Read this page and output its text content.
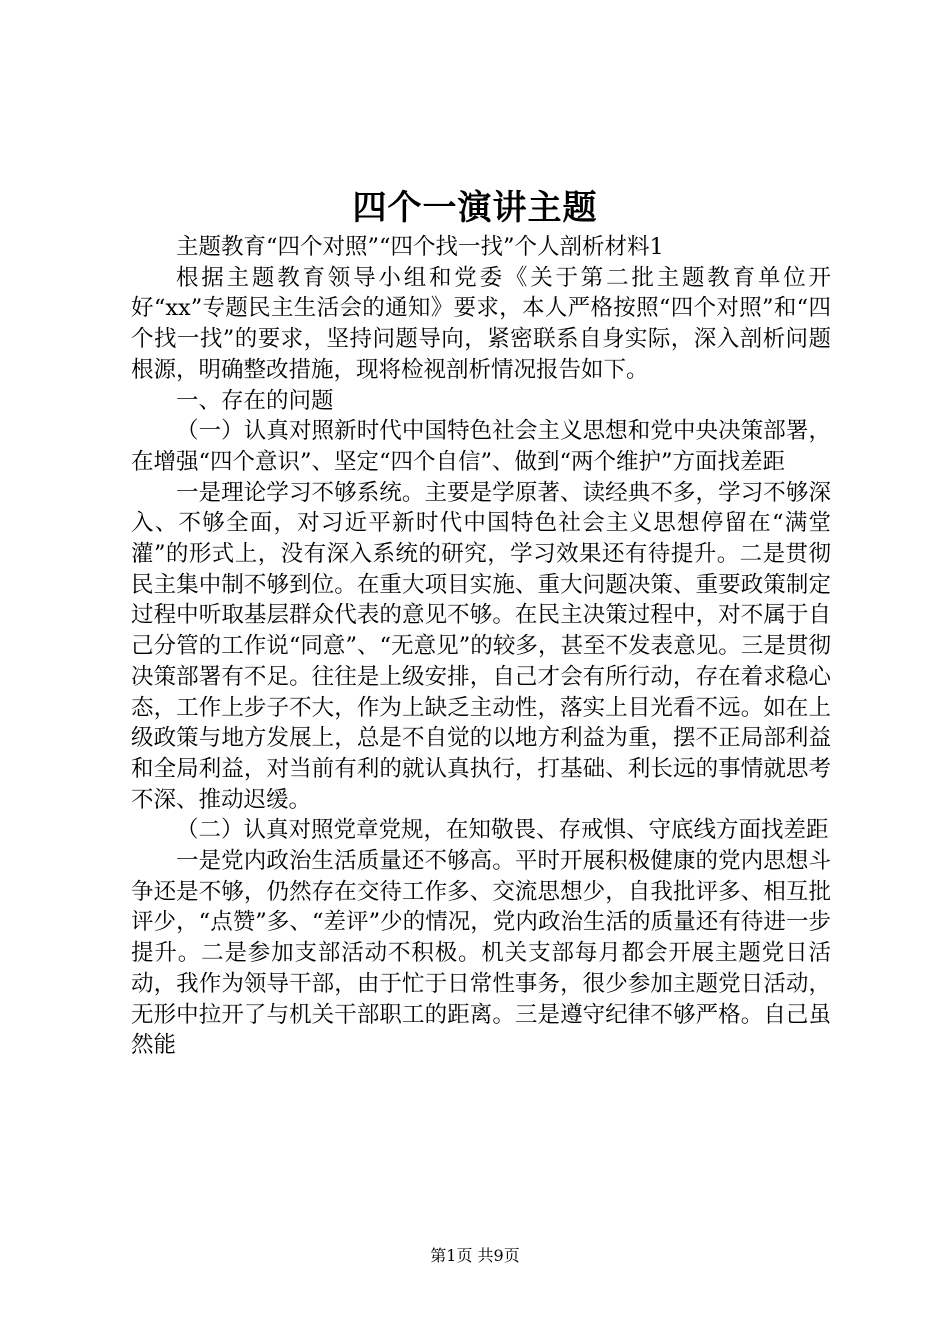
四个一演讲主题

主题教育“四个对照”“四个找一找”个人剖析材料1

根据主题教育领导小组和党委《关于第二批主题教育单位开好“xx”专题民主生活会的通知》要求，本人严格按照“四个对照”和“四个找一找”的要求，坚持问题导向，紧密联系自身实际，深入剖析问题根源，明确整改措施，现将检视剖析情况报告如下。

一、存在的问题

（一）认真对照新时代中国特色社会主义思想和党中央决策部署，在增强“四个意识”、坚定“四个自信”、做到“两个维护”方面找差距

一是理论学习不够系统。主要是学原著、读经典不多，学习不够深入、不够全面，对习近平新时代中国特色社会主义思想停留在“满堂灌”的形式上，没有深入系统的研究，学习效果还有待提升。二是贯彻民主集中制不够到位。在重大项目实施、重大问题决策、重要政策制定过程中听取基层群众代表的意见不够。在民主决策过程中，对不属于自己分管的工作说“同意”、“无意见”的较多，甚至不发表意见。三是贯彻决策部署有不足。往往是上级安排，自己才会有所行动，存在着求稳心态，工作上步子不大，作为上缺乏主动性，落实上目光看不远。如在上级政策与地方发展上，总是不自觉的以地方利益为重，摆不正局部利益和全局利益，对当前有利的就认真执行，打基础、利长远的事情就思考不深、推动迟缓。

（二）认真对照党章党规，在知敬畏、存戒惧、守底线方面找差距

一是党内政治生活质量还不够高。平时开展积极健康的党内思想斗争还是不够，仍然存在交待工作多、交流思想少，自我批评多、相互批评少，“点赞”多、“差评”少的情况，党内政治生活的质量还有待进一步提升。二是参加支部活动不积极。机关支部每月都会开展主题党日活动，我作为领导干部，由于忙于日常性事务，很少参加主题党日活动，无形中拉开了与机关干部职工的距离。三是遵守纪律不够严格。自己虽然能

第1页 共9页
